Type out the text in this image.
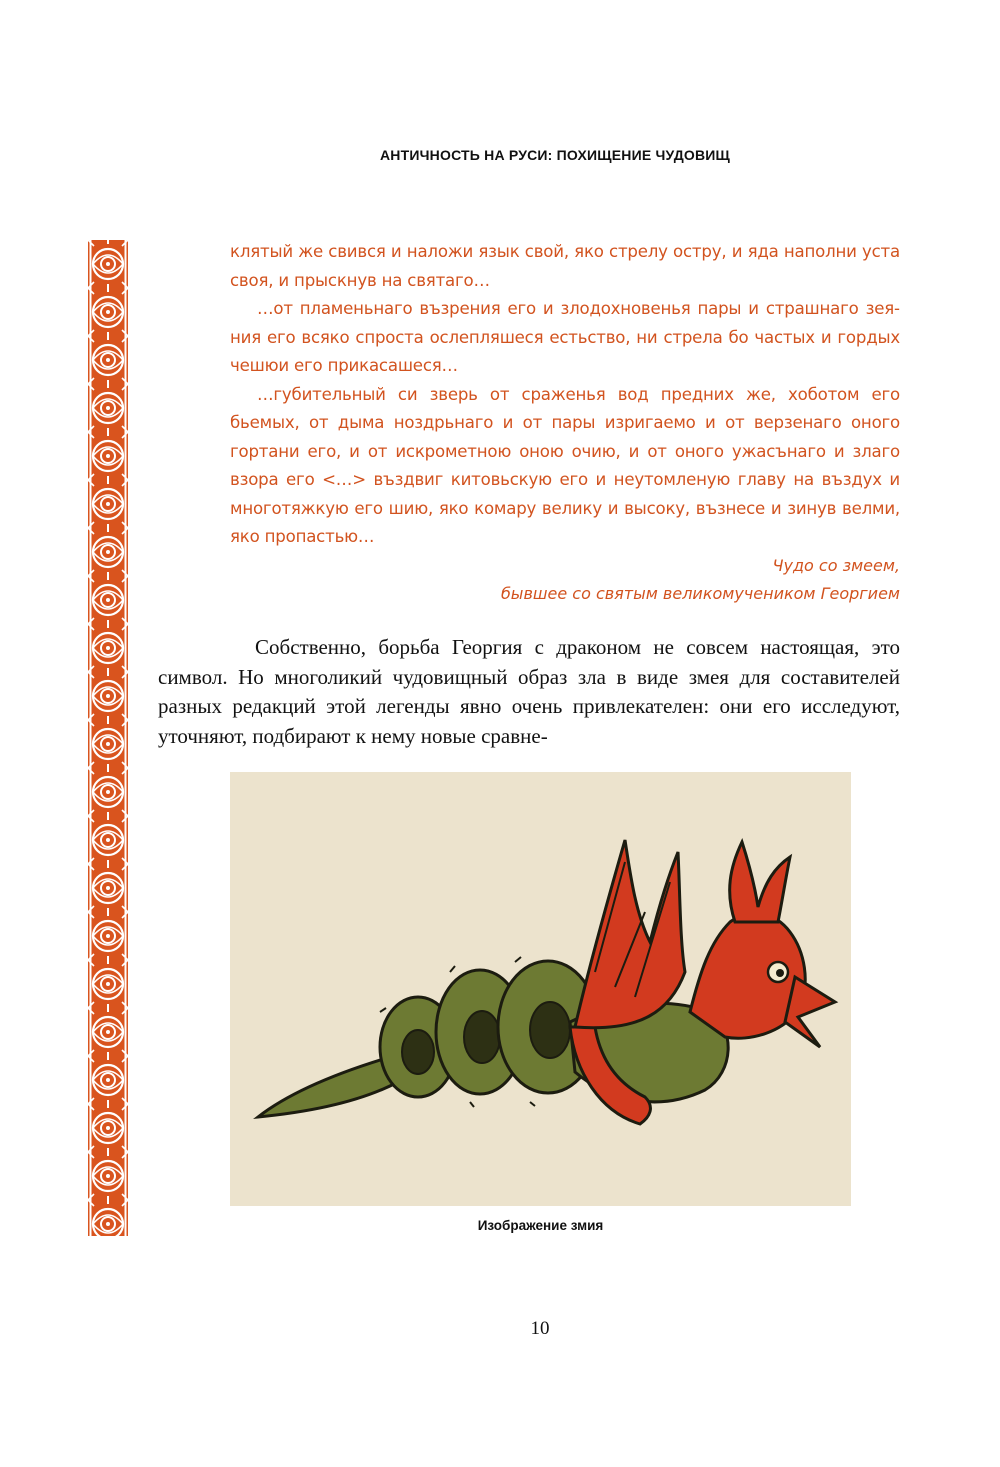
АНТИЧНОСТЬ НА РУСИ: ПОХИЩЕНИЕ ЧУДОВИЩ

клятый же свився и наложи язык свой, яко стрелу остру, и яда наполни уста своя, и прыскнув на святаго…

…от пламеньнаго възрения его и злодохновенья пары и страшнаго зеяния его всяко спроста ослепляшеся естьство, ни стрела бо частых и гордых чешюи его прикасашеся…

…губительный си зверь от сраженья вод предних же, хоботом его бьемых, от дыма ноздрьнаго и от пары изригаемо и от верзенаго оного гортани его, и от искрометною оною очию, и от оного ужасънаго и злаго взора его <…> въздвиг китовьскую его и неутомленую главу на въздух и многотяжкую его шию, яко комару велику и высоку, възнесе и зинув велми, яко пропастью…

Чудо со змеем,
бывшее со святым великомучеником Георгием

Собственно, борьба Георгия с драконом не совсем настоящая, это символ. Но многоликий чудовищный образ зла в виде змея для составителей разных редакций этой легенды явно очень привлекателен: они его исследуют, уточняют, подбирают к нему новые сравне-

Изображение змия
10
